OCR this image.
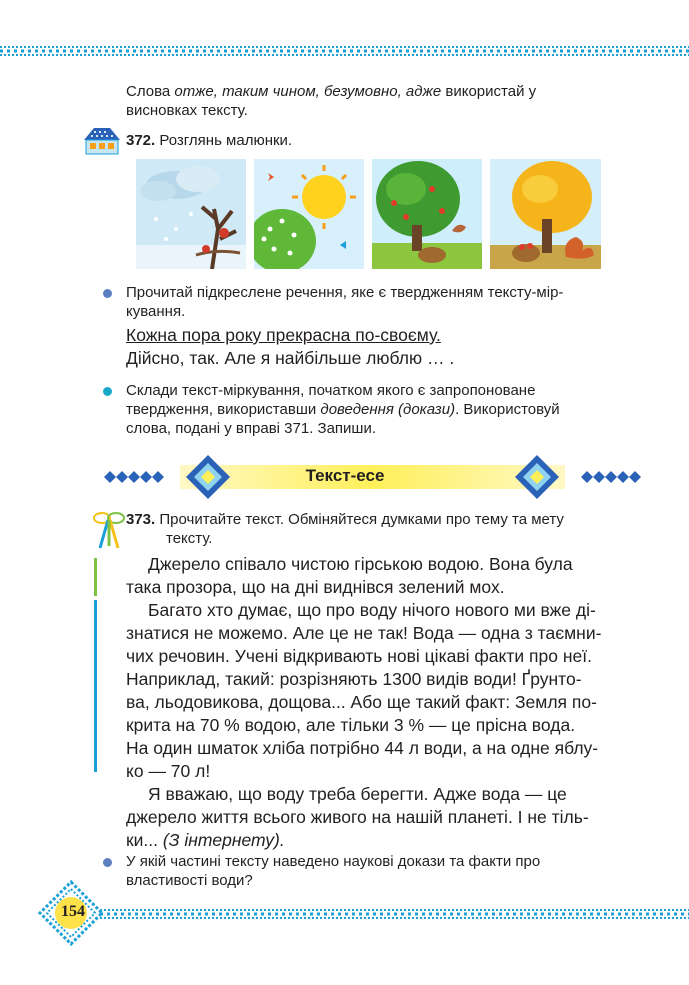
Слова отже, таким чином, безумовно, адже використай у
висновках тексту.

372. Розглянь малюнки.

Прочитай підкреслене речення, яке є твердженням тексту-мір-
кування.

Кожна пора року прекрасна по-своєму.

Дійсно, так. Але я найбільше люблю … .

Склади текст-міркування, початком якого є запропоноване
твердження, використавши доведення (докази). Використовуй
слова, подані у вправі 371. Запиши.

Текст-есе

373. Прочитайте текст. Обміняйтеся думками про тему та мету
тексту.

Джерело співало чистою гірською водою. Вона була
така прозора, що на дні виднівся зелений мох.

Багато хто думає, що про воду нічого нового ми вже ді-
знатися не можемо. Але це не так! Вода — одна з таємни-
чих речовин. Учені відкривають нові цікаві факти про неї.
Наприклад, такий: розрізняють 1300 видів води! Ґрунто-
ва, льодовикова, дощова... Або ще такий факт: Земля по-
крита на 70 % водою, але тільки 3 % — це прісна вода.
На один шматок хліба потрібно 44 л води, а на одне яблу-
ко — 70 л!

Я вважаю, що воду треба берегти. Адже вода — це
джерело життя всього живого на нашій планеті. І не тіль-
ки... (З інтернету).

У якій частині тексту наведено наукові докази та факти про
властивості води?

154
